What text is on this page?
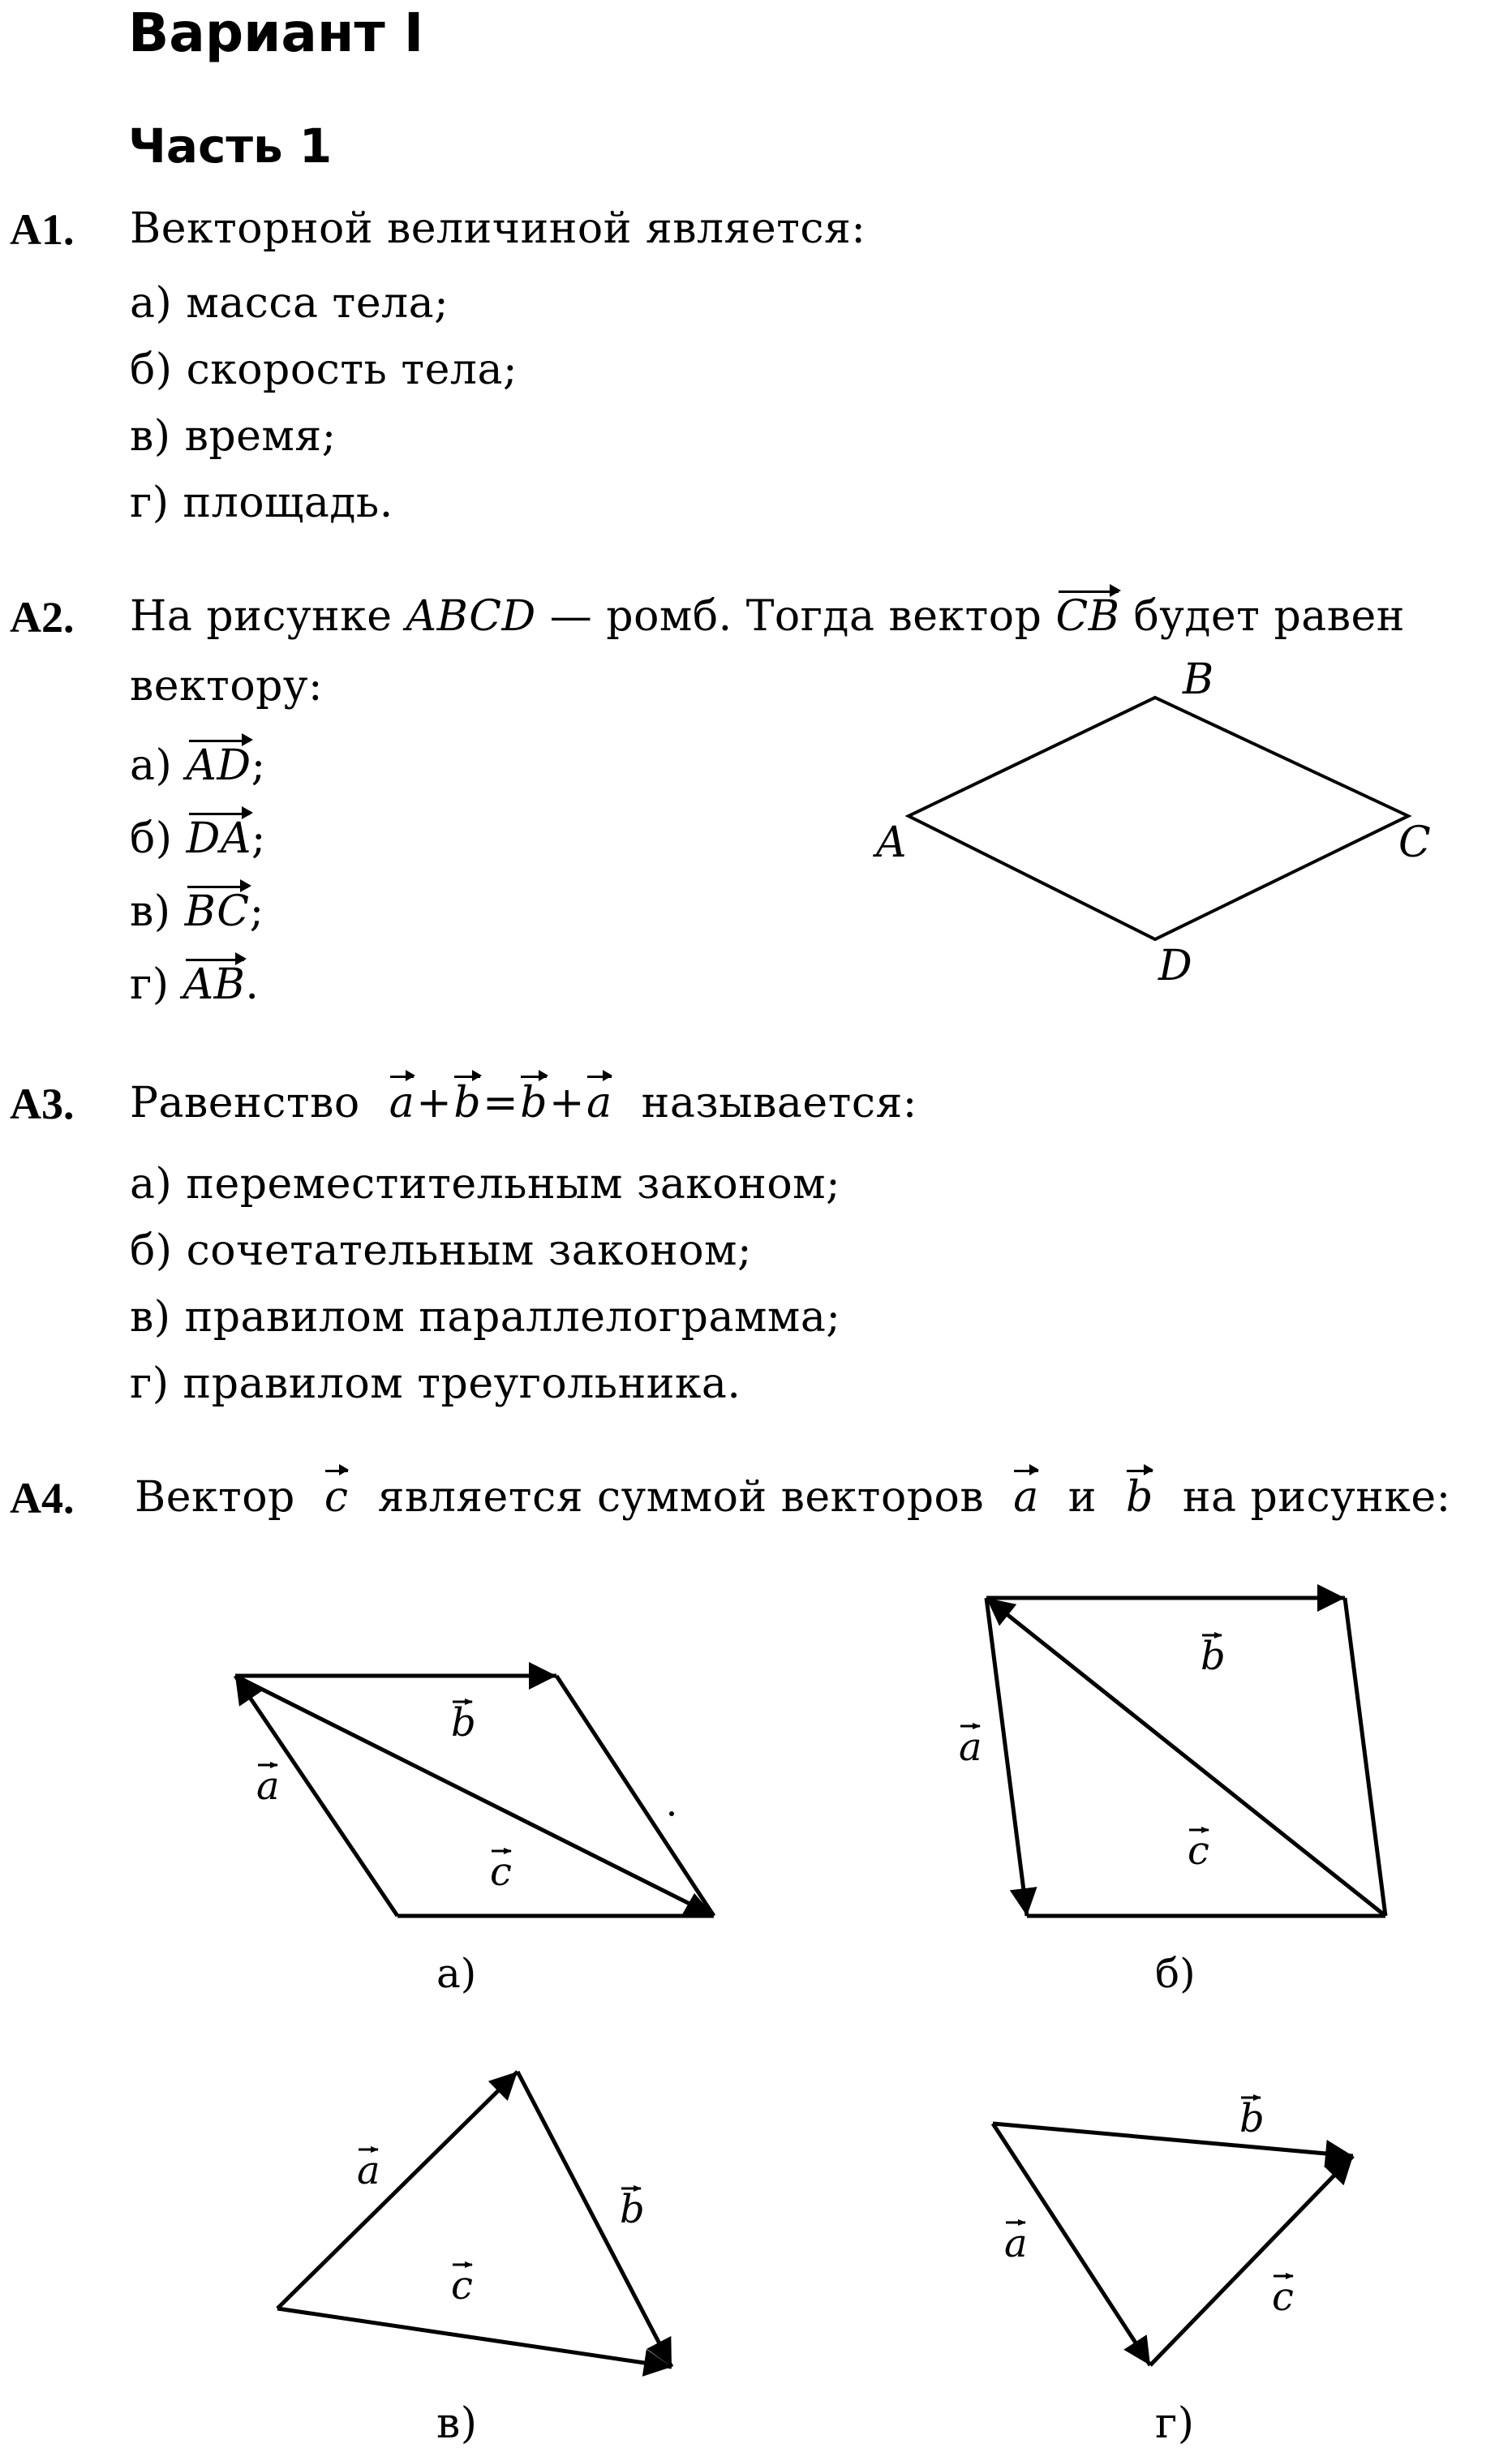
Вариант I
Часть 1
A1. Векторной величиной является:
а) масса тела;
б) скорость тела;
в) время;
г) площадь.
A2. На рисунке ABCD — ромб. Тогда вектор CB будет равен
вектору:
а) AD;
б) DA;
в) BC;
г) AB.
B
A	C
D
A3. Равенство a+b=b+a называется:
а) переместительным законом;
б) сочетательным законом;
в) правилом параллелограмма;
г) правилом треугольника.
A4. Вектор c является суммой векторов a и b на рисунке:
b
a
c
а)
b
a
c
б)
a
b
c
b
a
c
в)	г)
